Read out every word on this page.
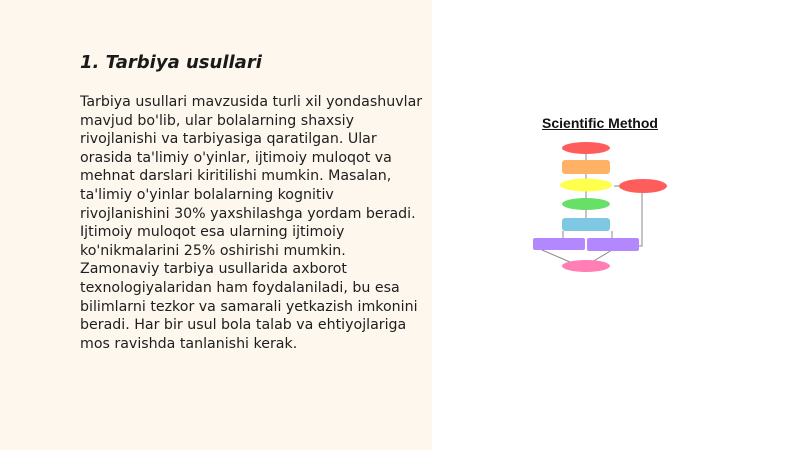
1. Tarbiya usullari

Tarbiya usullari mavzusida turli xil yondashuvlar mavjud bo'lib, ular bolalarning shaxsiy rivojlanishi va tarbiyasiga qaratilgan. Ular orasida ta'limiy o'yinlar, ijtimoiy muloqot va mehnat darslari kiritilishi mumkin. Masalan, ta'limiy o'yinlar bolalarning kognitiv rivojlanishini 30% yaxshilashga yordam beradi. Ijtimoiy muloqot esa ularning ijtimoiy ko'nikmalarini 25% oshirishi mumkin. Zamonaviy tarbiya usullarida axborot texnologiyalaridan ham foydalaniladi, bu esa bilimlarni tezkor va samarali yetkazish imkonini beradi. Har bir usul bola talab va ehtiyojlariga mos ravishda tanlanishi kerak.

Scientific Method
